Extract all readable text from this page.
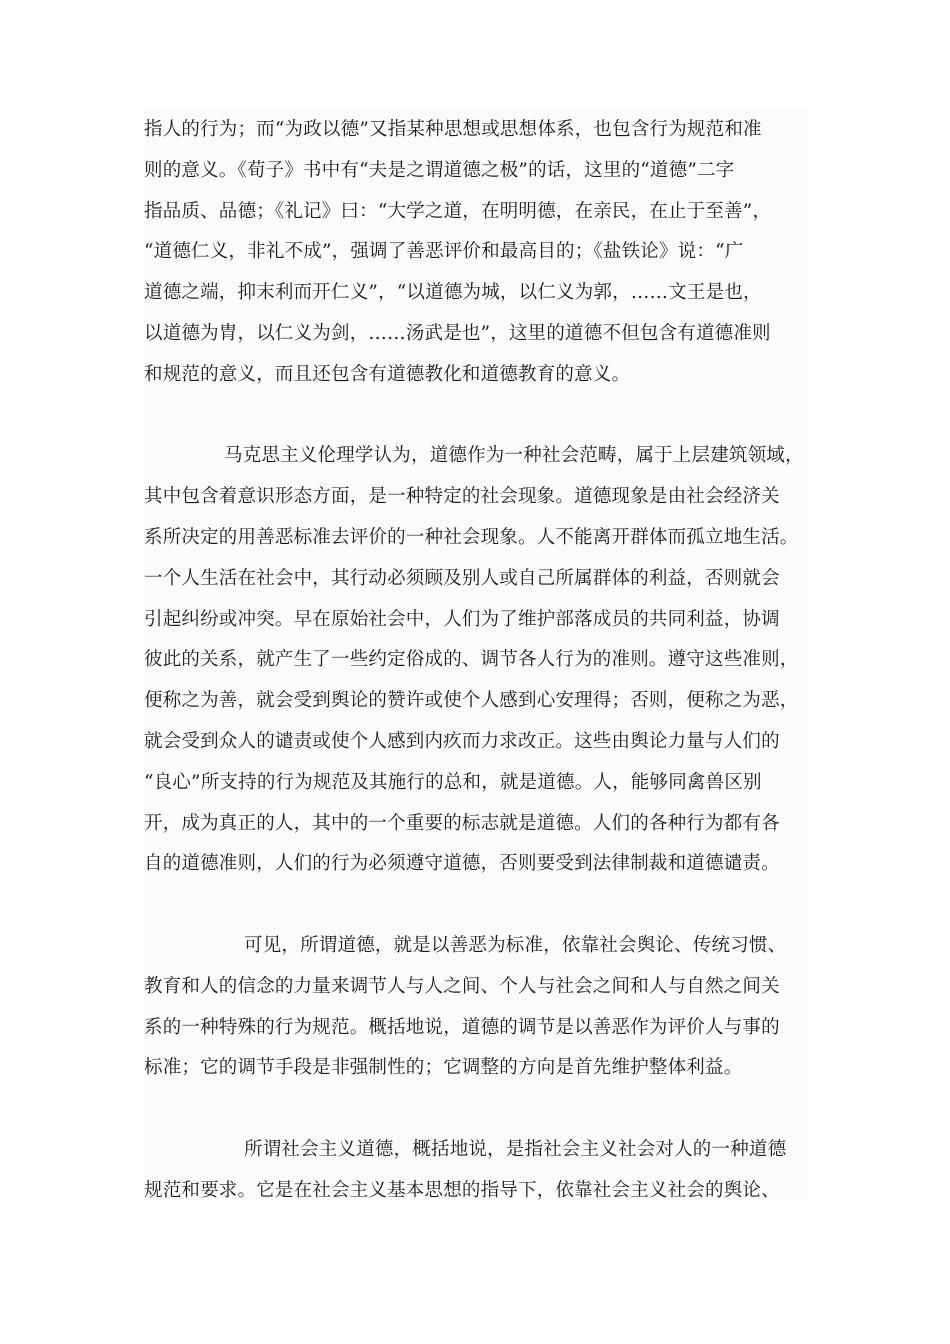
指人的行为；而“为政以德”又指某种思想或思想体系，也包含行为规范和准
则的意义。《荀子》书中有“夫是之谓道德之极”的话，这里的“道德”二字
指品质、品德；《礼记》曰：“大学之道，在明明德，在亲民，在止于至善”，
“道德仁义，非礼不成”，强调了善恶评价和最高目的；《盐铁论》说：“广
道德之端，抑末利而开仁义”，“以道德为城，以仁义为郭，……文王是也，
以道德为胄，以仁义为剑，……汤武是也”，这里的道德不但包含有道德准则
和规范的意义，而且还包含有道德教化和道德教育的意义。
马克思主义伦理学认为，道德作为一种社会范畴，属于上层建筑领域，
其中包含着意识形态方面，是一种特定的社会现象。道德现象是由社会经济关
系所决定的用善恶标准去评价的一种社会现象。人不能离开群体而孤立地生活。
一个人生活在社会中，其行动必须顾及别人或自己所属群体的利益，否则就会
引起纠纷或冲突。早在原始社会中，人们为了维护部落成员的共同利益，协调
彼此的关系，就产生了一些约定俗成的、调节各人行为的准则。遵守这些准则，
便称之为善，就会受到舆论的赞许或使个人感到心安理得；否则，便称之为恶，
就会受到众人的谴责或使个人感到内疚而力求改正。这些由舆论力量与人们的
“良心”所支持的行为规范及其施行的总和，就是道德。人，能够同禽兽区别
开，成为真正的人，其中的一个重要的标志就是道德。人们的各种行为都有各
自的道德准则，人们的行为必须遵守道德，否则要受到法律制裁和道德谴责。
可见，所谓道德，就是以善恶为标准，依靠社会舆论、传统习惯、
教育和人的信念的力量来调节人与人之间、个人与社会之间和人与自然之间关
系的一种特殊的行为规范。概括地说，道德的调节是以善恶作为评价人与事的
标准；它的调节手段是非强制性的；它调整的方向是首先维护整体利益。
所谓社会主义道德，概括地说，是指社会主义社会对人的一种道德
规范和要求。它是在社会主义基本思想的指导下，依靠社会主义社会的舆论、
